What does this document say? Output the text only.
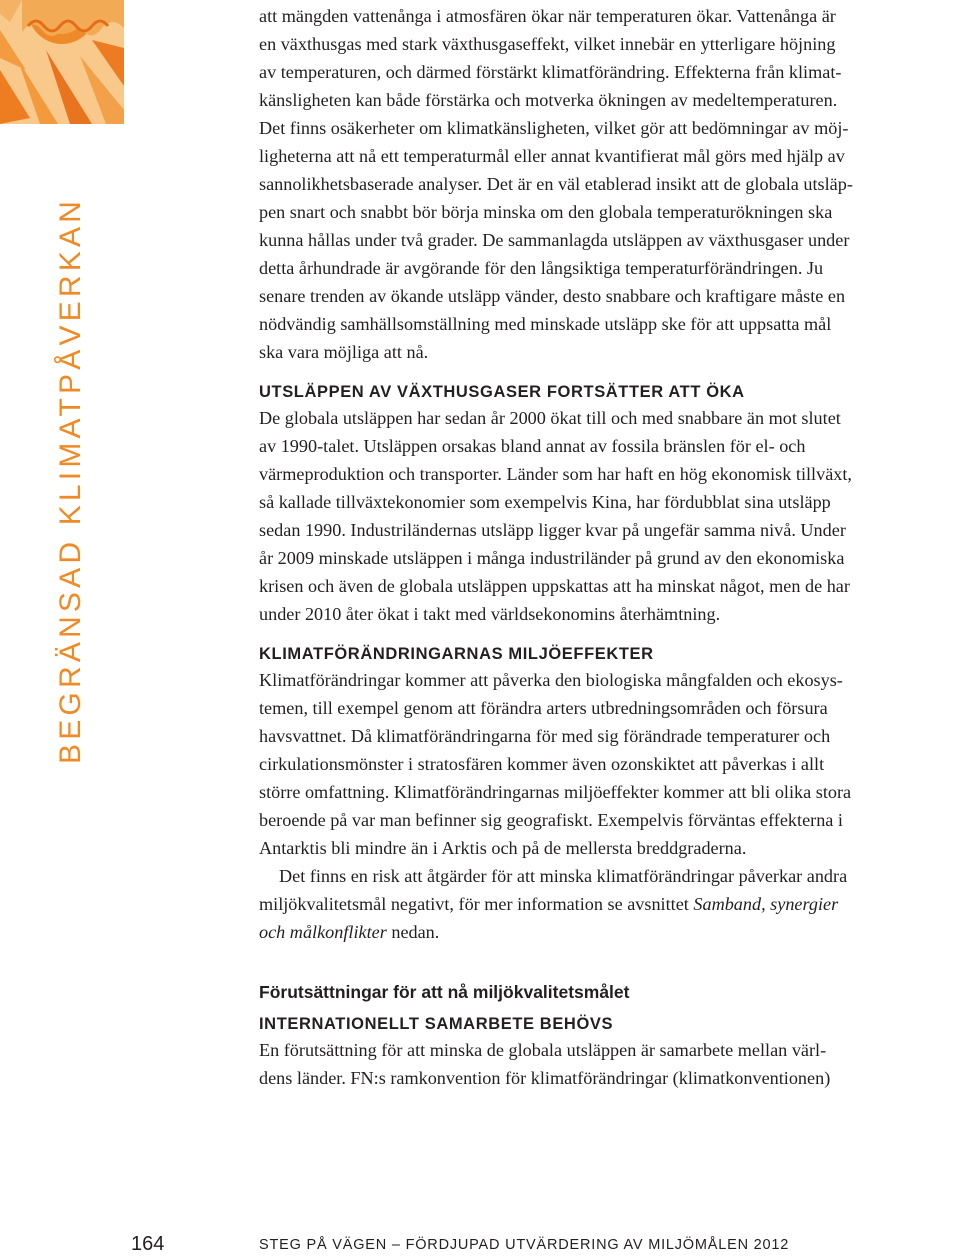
BEGRÄNSAD KLIMATPÅVERKAN

att mängden vattenånga i atmosfären ökar när temperaturen ökar. Vattenånga är
en växthusgas med stark växthusgaseffekt, vilket innebär en ytterligare höjning
av temperaturen, och därmed förstärkt klimatförändring. Effekterna från klimat-
känsligheten kan både förstärka och motverka ökningen av medeltemperaturen.
Det finns osäkerheter om klimatkänsligheten, vilket gör att bedömningar av möj-
ligheterna att nå ett temperaturmål eller annat kvantifierat mål görs med hjälp av
sannolikhetsbaserade analyser. Det är en väl etablerad insikt att de globala utsläp-
pen snart och snabbt bör börja minska om den globala temperaturökningen ska
kunna hållas under två grader. De sammanlagda utsläppen av växthusgaser under
detta århundrade är avgörande för den långsiktiga temperaturförändringen. Ju
senare trenden av ökande utsläpp vänder, desto snabbare och kraftigare måste en
nödvändig samhällsomställning med minskade utsläpp ske för att uppsatta mål
ska vara möjliga att nå.

UTSLÄPPEN AV VÄXTHUSGASER FORTSÄTTER ATT ÖKA

De globala utsläppen har sedan år 2000 ökat till och med snabbare än mot slutet
av 1990-talet. Utsläppen orsakas bland annat av fossila bränslen för el- och
värmeproduktion och transporter. Länder som har haft en hög ekonomisk tillväxt,
så kallade tillväxtekonomier som exempelvis Kina, har fördubblat sina utsläpp
sedan 1990. Industriländernas utsläpp ligger kvar på ungefär samma nivå. Under
år 2009 minskade utsläppen i många industriländer på grund av den ekonomiska
krisen och även de globala utsläppen uppskattas att ha minskat något, men de har
under 2010 åter ökat i takt med världsekonomins återhämtning.

KLIMATFÖRÄNDRINGARNAS MILJÖEFFEKTER

Klimatförändringar kommer att påverka den biologiska mångfalden och ekosys-
temen, till exempel genom att förändra arters utbredningsområden och försura
havsvattnet. Då klimatförändringarna för med sig förändrade temperaturer och
cirkulationsmönster i stratosfären kommer även ozonskiktet att påverkas i allt
större omfattning. Klimatförändringarnas miljöeffekter kommer att bli olika stora
beroende på var man befinner sig geografiskt. Exempelvis förväntas effekterna i
Antarktis bli mindre än i Arktis och på de mellersta breddgraderna.
Det finns en risk att åtgärder för att minska klimatförändringar påverkar andra
miljökvalitetsmål negativt, för mer information se avsnittet Samband, synergier
och målkonflikter nedan.

Förutsättningar för att nå miljökvalitetsmålet
INTERNATIONELLT SAMARBETE BEHÖVS

En förutsättning för att minska de globala utsläppen är samarbete mellan värl-
dens länder. FN:s ramkonvention för klimatförändringar (klimatkonventionen)

164	STEG PÅ VÄGEN – FÖRDJUPAD UTVÄRDERING AV MILJÖMÅLEN 2012
